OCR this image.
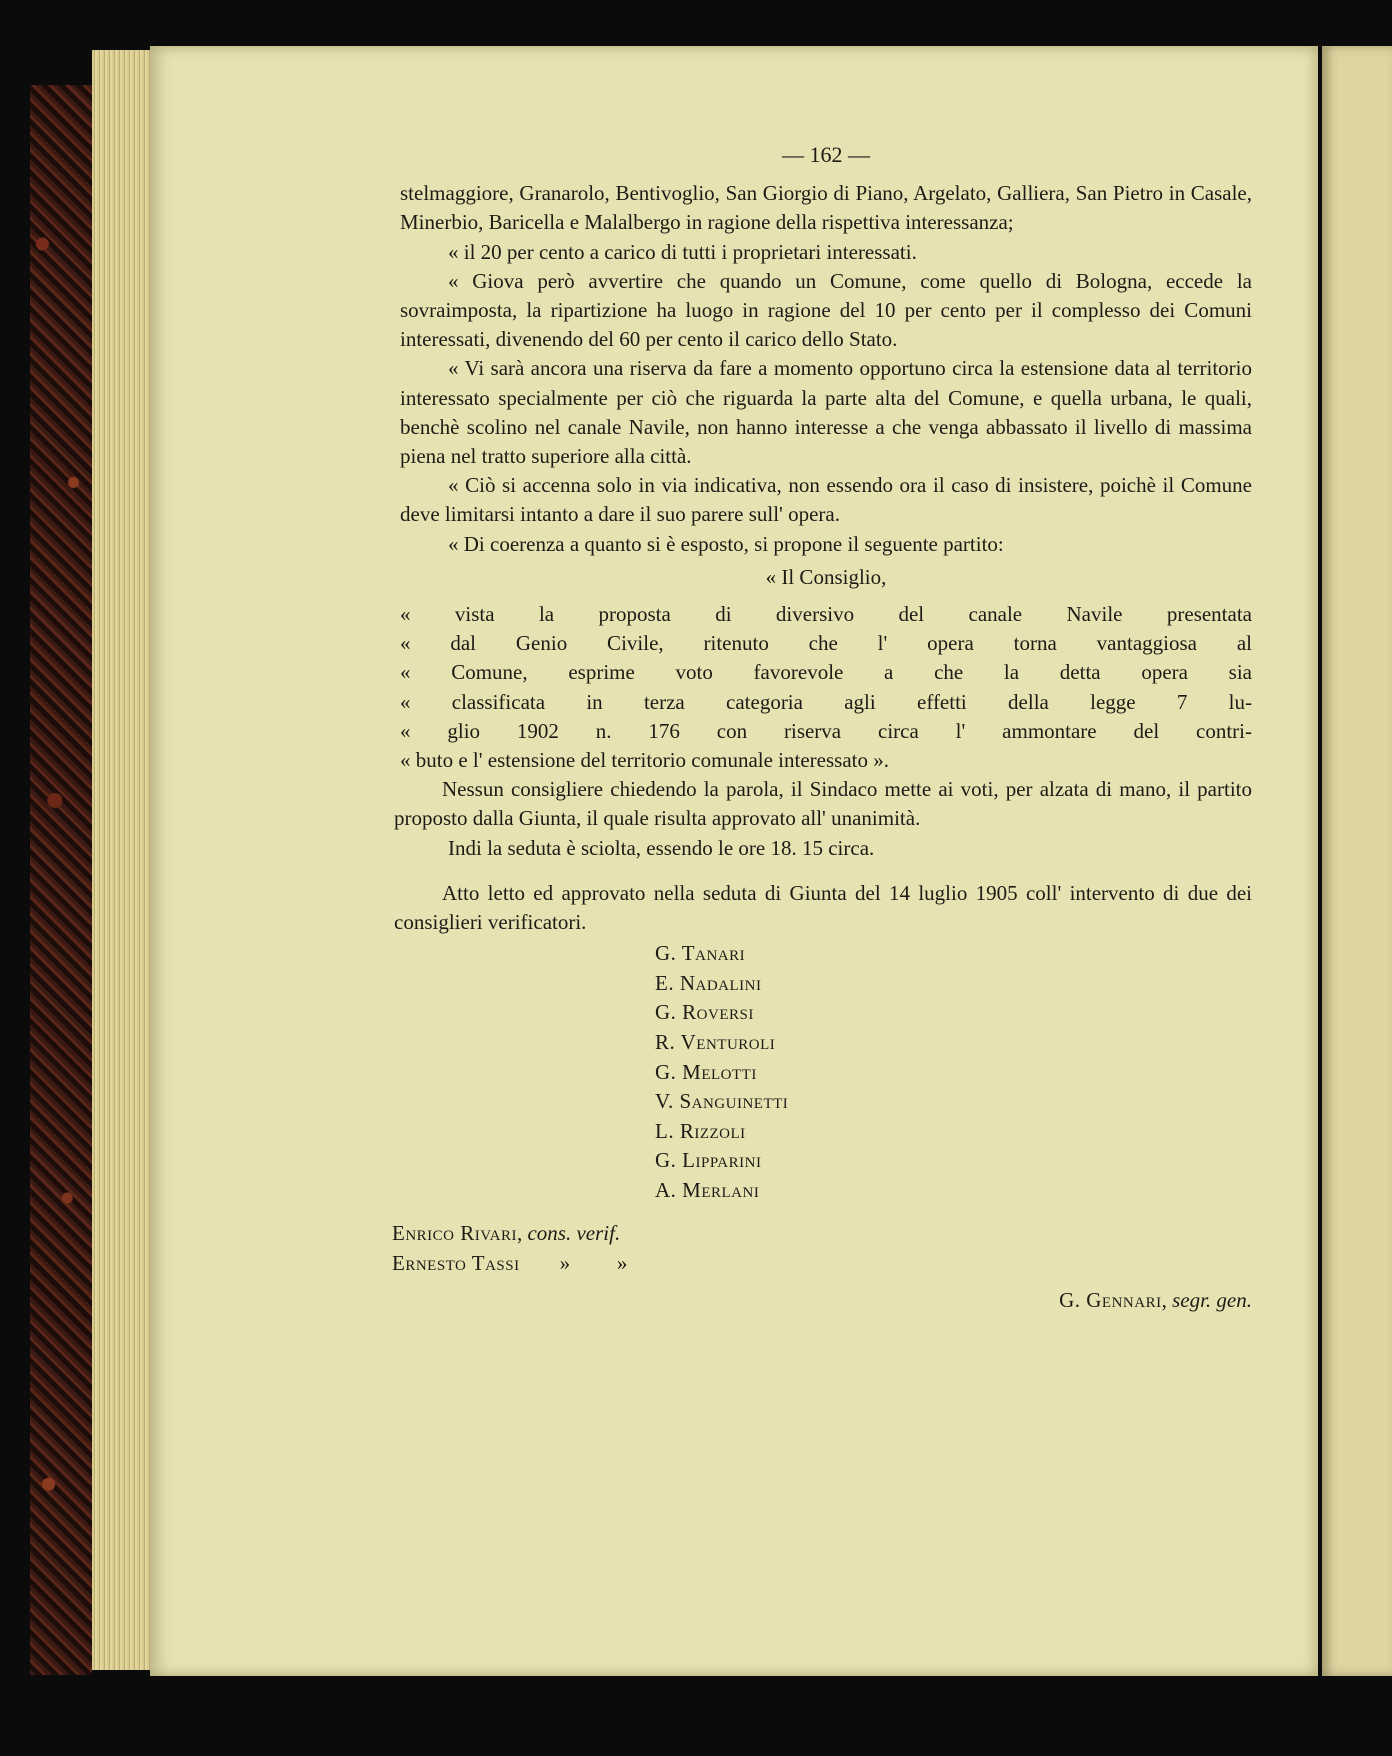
— 162 —

stelmaggiore, Granarolo, Bentivoglio, San Giorgio di Piano, Argelato, Galliera, San Pietro in Casale, Minerbio, Baricella e Malalbergo in ragione della rispettiva interessanza;

« il 20 per cento a carico di tutti i proprietari interessati.

« Giova però avvertire che quando un Comune, come quello di Bologna, eccede la sovraimposta, la ripartizione ha luogo in ragione del 10 per cento per il complesso dei Comuni interessati, divenendo del 60 per cento il carico dello Stato.

« Vi sarà ancora una riserva da fare a momento opportuno circa la estensione data al territorio interessato specialmente per ciò che riguarda la parte alta del Comune, e quella urbana, le quali, benchè scolino nel canale Navile, non hanno interesse a che venga abbassato il livello di massima piena nel tratto superiore alla città.

« Ciò si accenna solo in via indicativa, non essendo ora il caso di insistere, poichè il Comune deve limitarsi intanto a dare il suo parere sull' opera.

« Di coerenza a quanto si è esposto, si propone il seguente partito:

« Il Consiglio,

« vista la proposta di diversivo del canale Navile presentata
« dal Genio Civile, ritenuto che l' opera torna vantaggiosa al
« Comune, esprime voto favorevole a che la detta opera sia
« classificata in terza categoria agli effetti della legge 7 lu-
« glio 1902 n. 176 con riserva circa l' ammontare del contri-
« buto e l' estensione del territorio comunale interessato ».

Nessun consigliere chiedendo la parola, il Sindaco mette ai voti, per alzata di mano, il partito proposto dalla Giunta, il quale risulta approvato all' unanimità.

Indi la seduta è sciolta, essendo le ore 18. 15 circa.

Atto letto ed approvato nella seduta di Giunta del 14 luglio 1905 coll' intervento di due dei consiglieri verificatori.

G. Tanari
E. Nadalini
G. Roversi
R. Venturoli
G. Melotti
V. Sanguinetti
L. Rizzoli
G. Lipparini
A. Merlani
Enrico Rivari, cons. verif.
Ernesto Tassi » »

G. Gennari, segr. gen.
